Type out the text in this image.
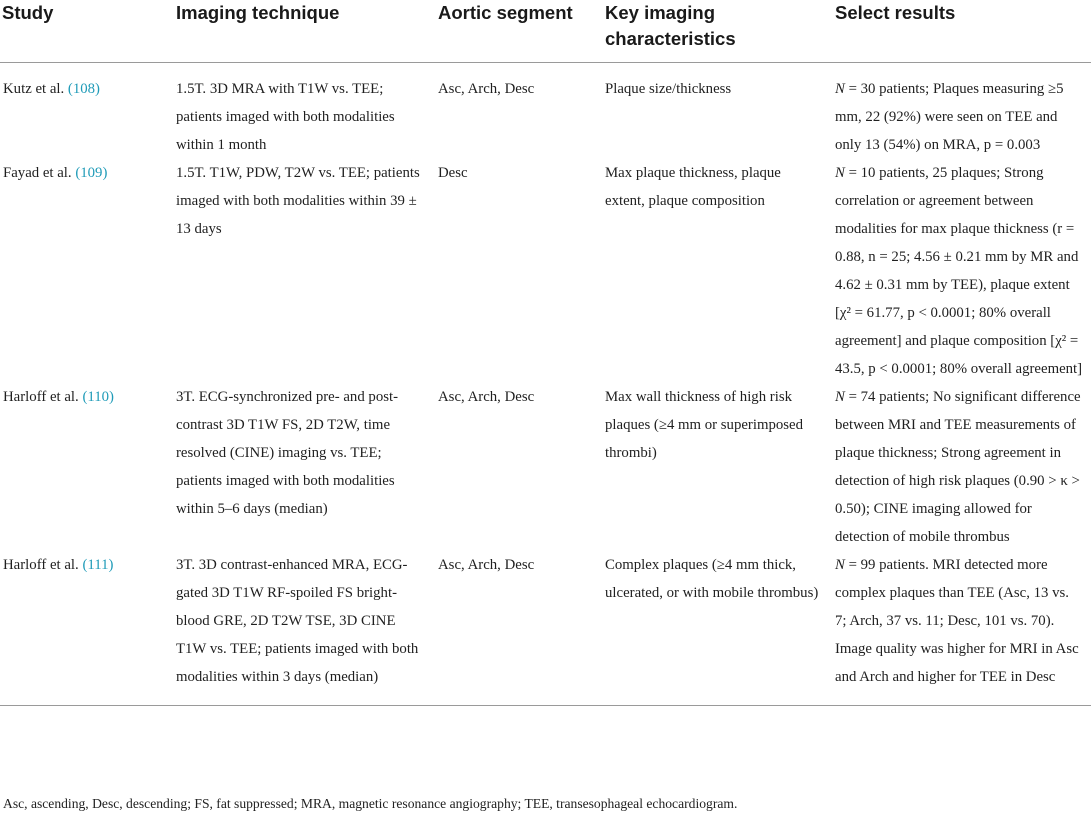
Study	Imaging technique	Aortic segment	Key imaging characteristics	Select results
Kutz et al. (108)	1.5T. 3D MRA with T1W vs. TEE; patients imaged with both modalities within 1 month	Asc, Arch, Desc	Plaque size/thickness	N = 30 patients; Plaques measuring ≥5 mm, 22 (92%) were seen on TEE and only 13 (54%) on MRA, p = 0.003
Fayad et al. (109)	1.5T. T1W, PDW, T2W vs. TEE; patients imaged with both modalities within 39 ± 13 days	Desc	Max plaque thickness, plaque extent, plaque composition	N = 10 patients, 25 plaques; Strong correlation or agreement between modalities for max plaque thickness (r = 0.88, n = 25; 4.56 ± 0.21 mm by MR and 4.62 ± 0.31 mm by TEE), plaque extent [χ² = 61.77, p < 0.0001; 80% overall agreement] and plaque composition [χ² = 43.5, p < 0.0001; 80% overall agreement]
Harloff et al. (110)	3T. ECG-synchronized pre- and post-contrast 3D T1W FS, 2D T2W, time resolved (CINE) imaging vs. TEE; patients imaged with both modalities within 5–6 days (median)	Asc, Arch, Desc	Max wall thickness of high risk plaques (≥4 mm or superimposed thrombi)	N = 74 patients; No significant difference between MRI and TEE measurements of plaque thickness; Strong agreement in detection of high risk plaques (0.90 > κ > 0.50); CINE imaging allowed for detection of mobile thrombus
Harloff et al. (111)	3T. 3D contrast-enhanced MRA, ECG-gated 3D T1W RF-spoiled FS bright-blood GRE, 2D T2W TSE, 3D CINE T1W vs. TEE; patients imaged with both modalities within 3 days (median)	Asc, Arch, Desc	Complex plaques (≥4 mm thick, ulcerated, or with mobile thrombus)	N = 99 patients. MRI detected more complex plaques than TEE (Asc, 13 vs. 7; Arch, 37 vs. 11; Desc, 101 vs. 70). Image quality was higher for MRI in Asc and Arch and higher for TEE in Desc
Asc, ascending, Desc, descending; FS, fat suppressed; MRA, magnetic resonance angiography; TEE, transesophageal echocardiogram.
